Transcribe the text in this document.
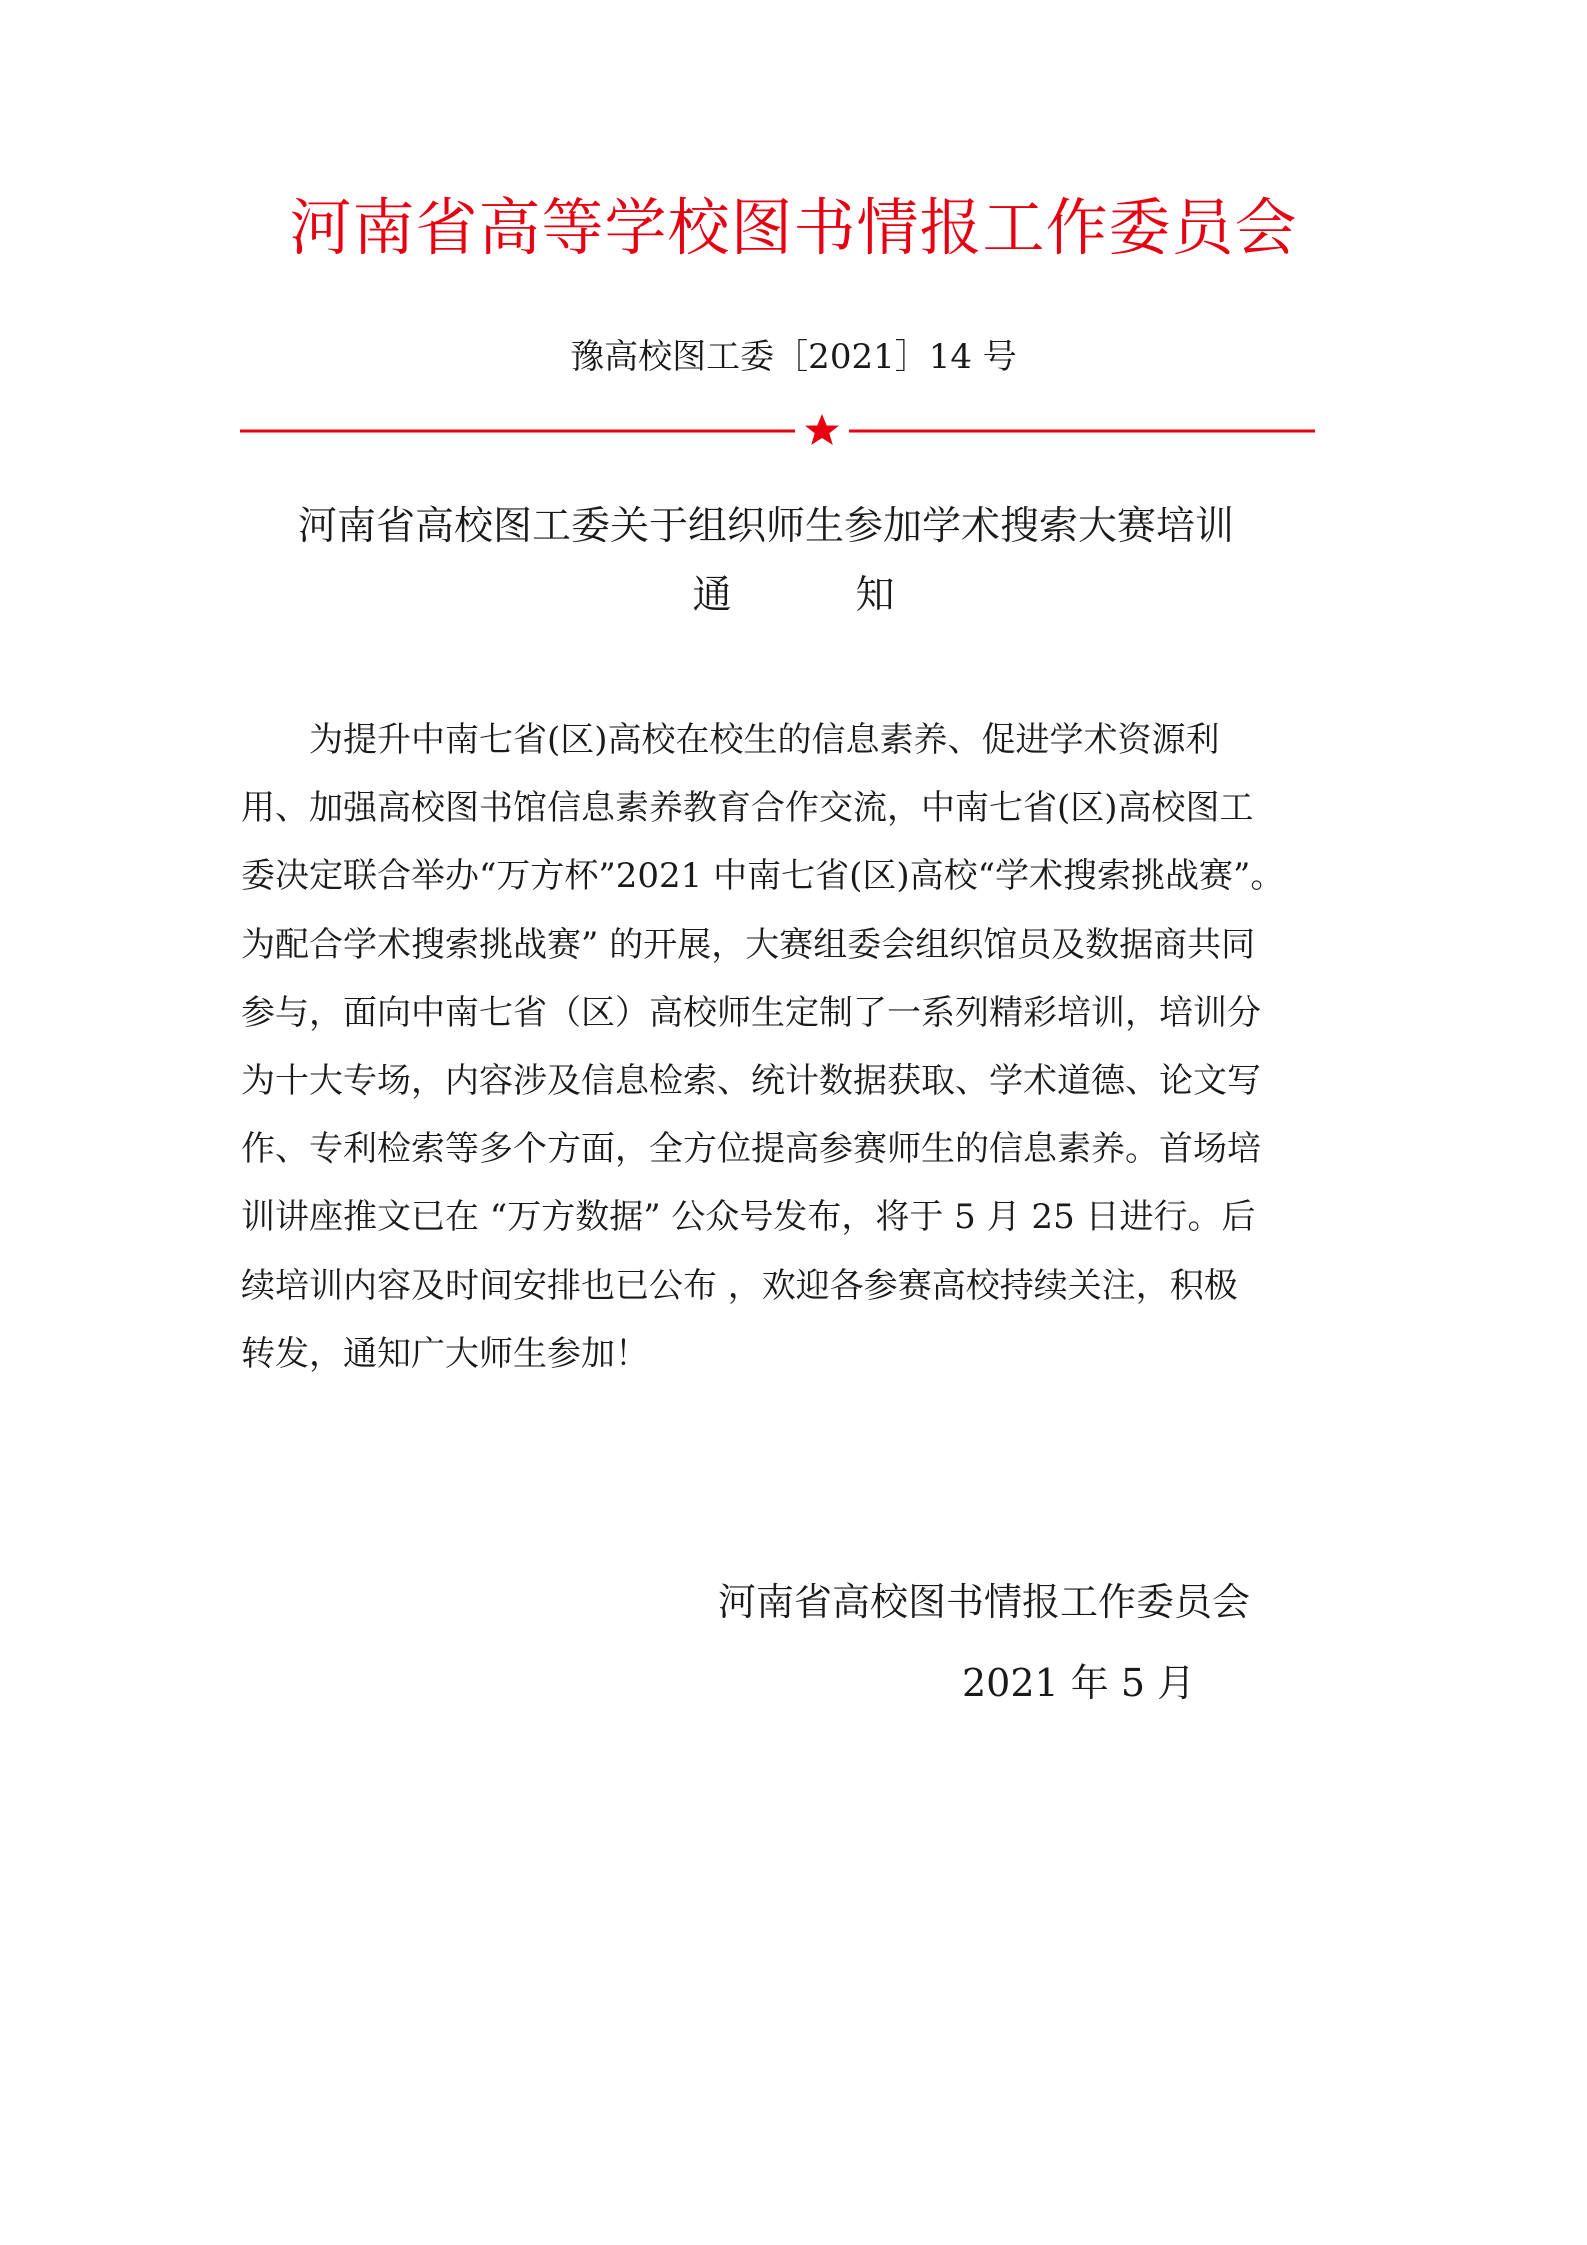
河南省高等学校图书情报工作委员会
豫高校图工委［2021］14 号
河南省高校图工委关于组织师生参加学术搜索大赛培训
通          知
为提升中南七省(区)高校在校生的信息素养、促进学术资源利
用、加强高校图书馆信息素养教育合作交流，中南七省(区)高校图工
委决定联合举办“万方杯”2021 中南七省(区)高校“学术搜索挑战赛”。
为配合学术搜索挑战赛” 的开展，大赛组委会组织馆员及数据商共同
参与，面向中南七省（区）高校师生定制了一系列精彩培训，培训分
为十大专场，内容涉及信息检索、统计数据获取、学术道德、论文写
作、专利检索等多个方面，全方位提高参赛师生的信息素养。首场培
训讲座推文已在 “万方数据” 公众号发布，将于 5 月 25 日进行。后
续培训内容及时间安排也已公布 ，欢迎各参赛高校持续关注，积极
转发，通知广大师生参加！
河南省高校图书情报工作委员会
2021 年 5 月
